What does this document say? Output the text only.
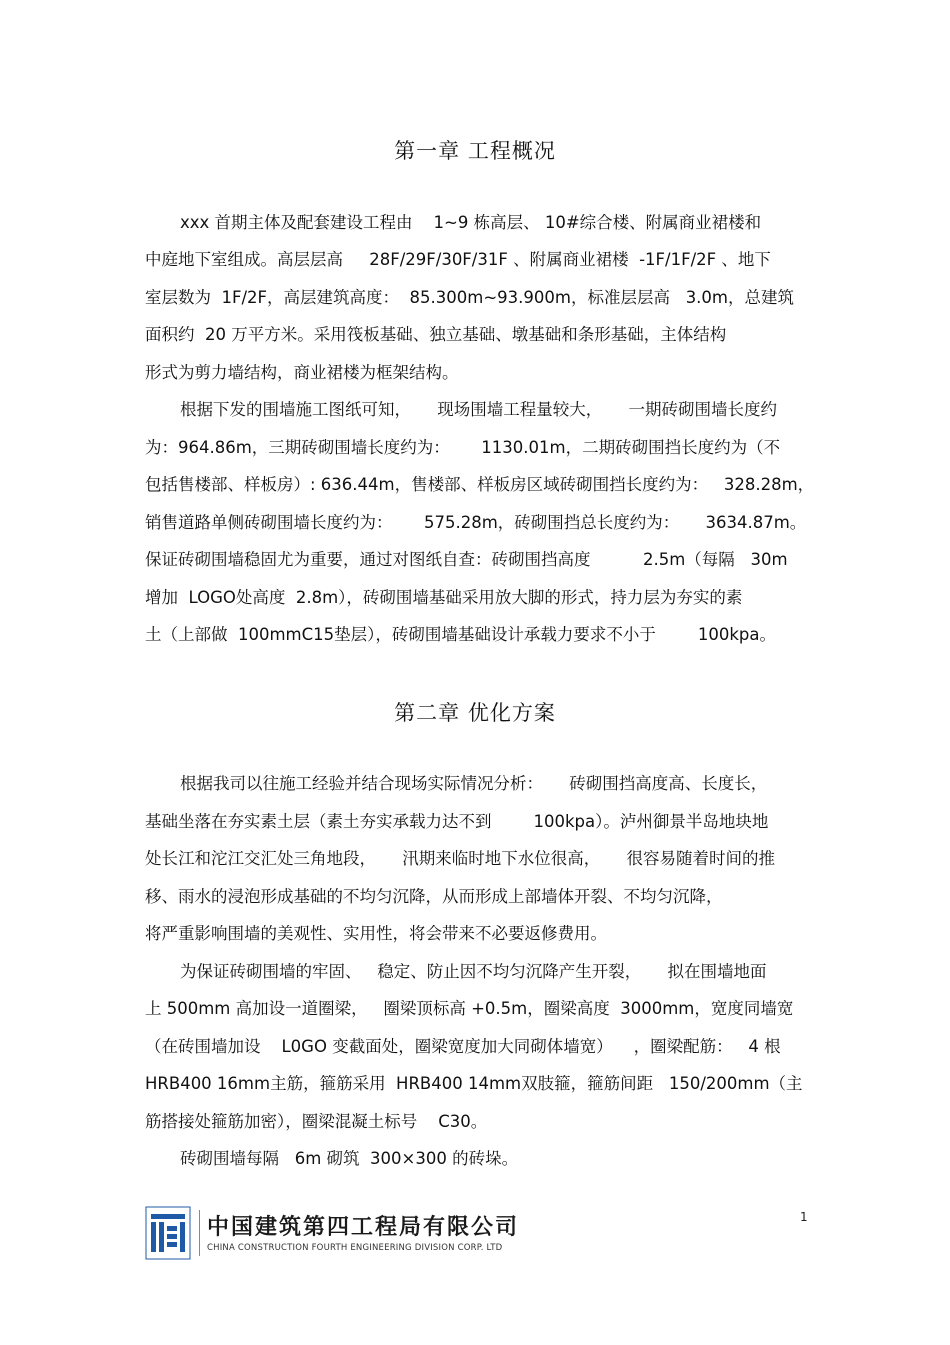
第一章 工程概况
xxx 首期主体及配套建设工程由    1~9 栋高层、 10#综合楼、附属商业裙楼和
中庭地下室组成。高层层高     28F/29F/30F/31F 、附属商业裙楼  -1F/1F/2F 、地下
室层数为  1F/2F，高层建筑高度：  85.300m~93.900m，标准层层高   3.0m，总建筑
面积约  20 万平方米。采用筏板基础、独立基础、墩基础和条形基础，主体结构
形式为剪力墙结构，商业裙楼为框架结构。
根据下发的围墙施工图纸可知，     现场围墙工程量较大，     一期砖砌围墙长度约
为：964.86m，三期砖砌围墙长度约为：      1130.01m，二期砖砌围挡长度约为（不
包括售楼部、样板房）: 636.44m，售楼部、样板房区域砖砌围挡长度约为：   328.28m，
销售道路单侧砖砌围墙长度约为：      575.28m，砖砌围挡总长度约为：     3634.87m。
保证砖砌围墙稳固尤为重要，通过对图纸自查：砖砌围挡高度          2.5m（每隔   30m
增加  LOGO处高度  2.8m），砖砌围墙基础采用放大脚的形式，持力层为夯实的素
土（上部做  100mmC15垫层），砖砌围墙基础设计承载力要求不小于        100kpa。
第二章 优化方案
根据我司以往施工经验并结合现场实际情况分析：     砖砌围挡高度高、长度长，
基础坐落在夯实素土层（素土夯实承载力达不到        100kpa）。泸州御景半岛地块地
处长江和沱江交汇处三角地段，     汛期来临时地下水位很高，     很容易随着时间的推
移、雨水的浸泡形成基础的不均匀沉降，从而形成上部墙体开裂、不均匀沉降，
将严重影响围墙的美观性、实用性，将会带来不必要返修费用。
为保证砖砌围墙的牢固、   稳定、防止因不均匀沉降产生开裂，     拟在围墙地面
上 500mm 高加设一道圈梁，   圈梁顶标高 +0.5m，圈梁高度  3000mm，宽度同墙宽
（在砖围墙加设    L0GO 变截面处，圈梁宽度加大同砌体墙宽）    ，圈梁配筋：   4 根
HRB400 16mm主筋，箍筋采用  HRB400 14mm双肢箍，箍筋间距   150/200mm（主
筋搭接处箍筋加密），圈梁混凝土标号    C30。
砖砌围墙每隔   6m 砌筑  300×300 的砖垛。
中国建筑第四工程局有限公司
CHINA CONSTRUCTION FOURTH ENGINEERING DIVISION CORP. LTD
1
